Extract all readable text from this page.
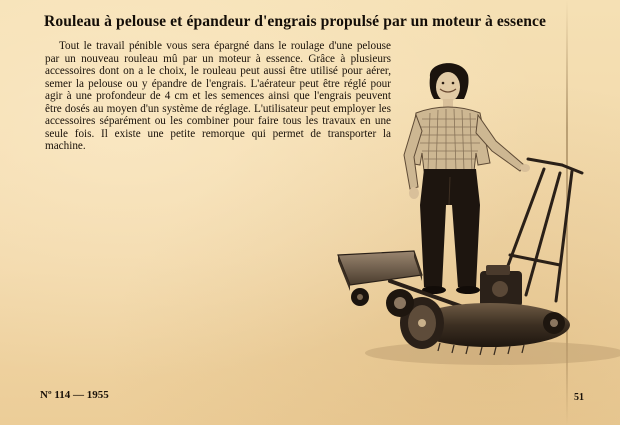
Rouleau à pelouse et épandeur d'engrais propulsé par un moteur à essence

Tout le travail pénible vous sera épargné dans le roulage d'une pelouse par un nouveau rouleau mû par un moteur à essence. Grâce à plusieurs accessoires dont on a le choix, le rouleau peut aussi être utilisé pour aérer, semer la pelouse ou y épandre de l'engrais. L'aérateur peut être réglé pour agir à une profondeur de 4 cm et les semences ainsi que l'engrais peuvent être dosés au moyen d'un système de réglage. L'utilisateur peut employer les accessoires séparément ou les combiner pour faire tous les travaux en une seule fois. Il existe une petite remorque qui permet de transporter la machine.

Nº 114 — 1955	51
